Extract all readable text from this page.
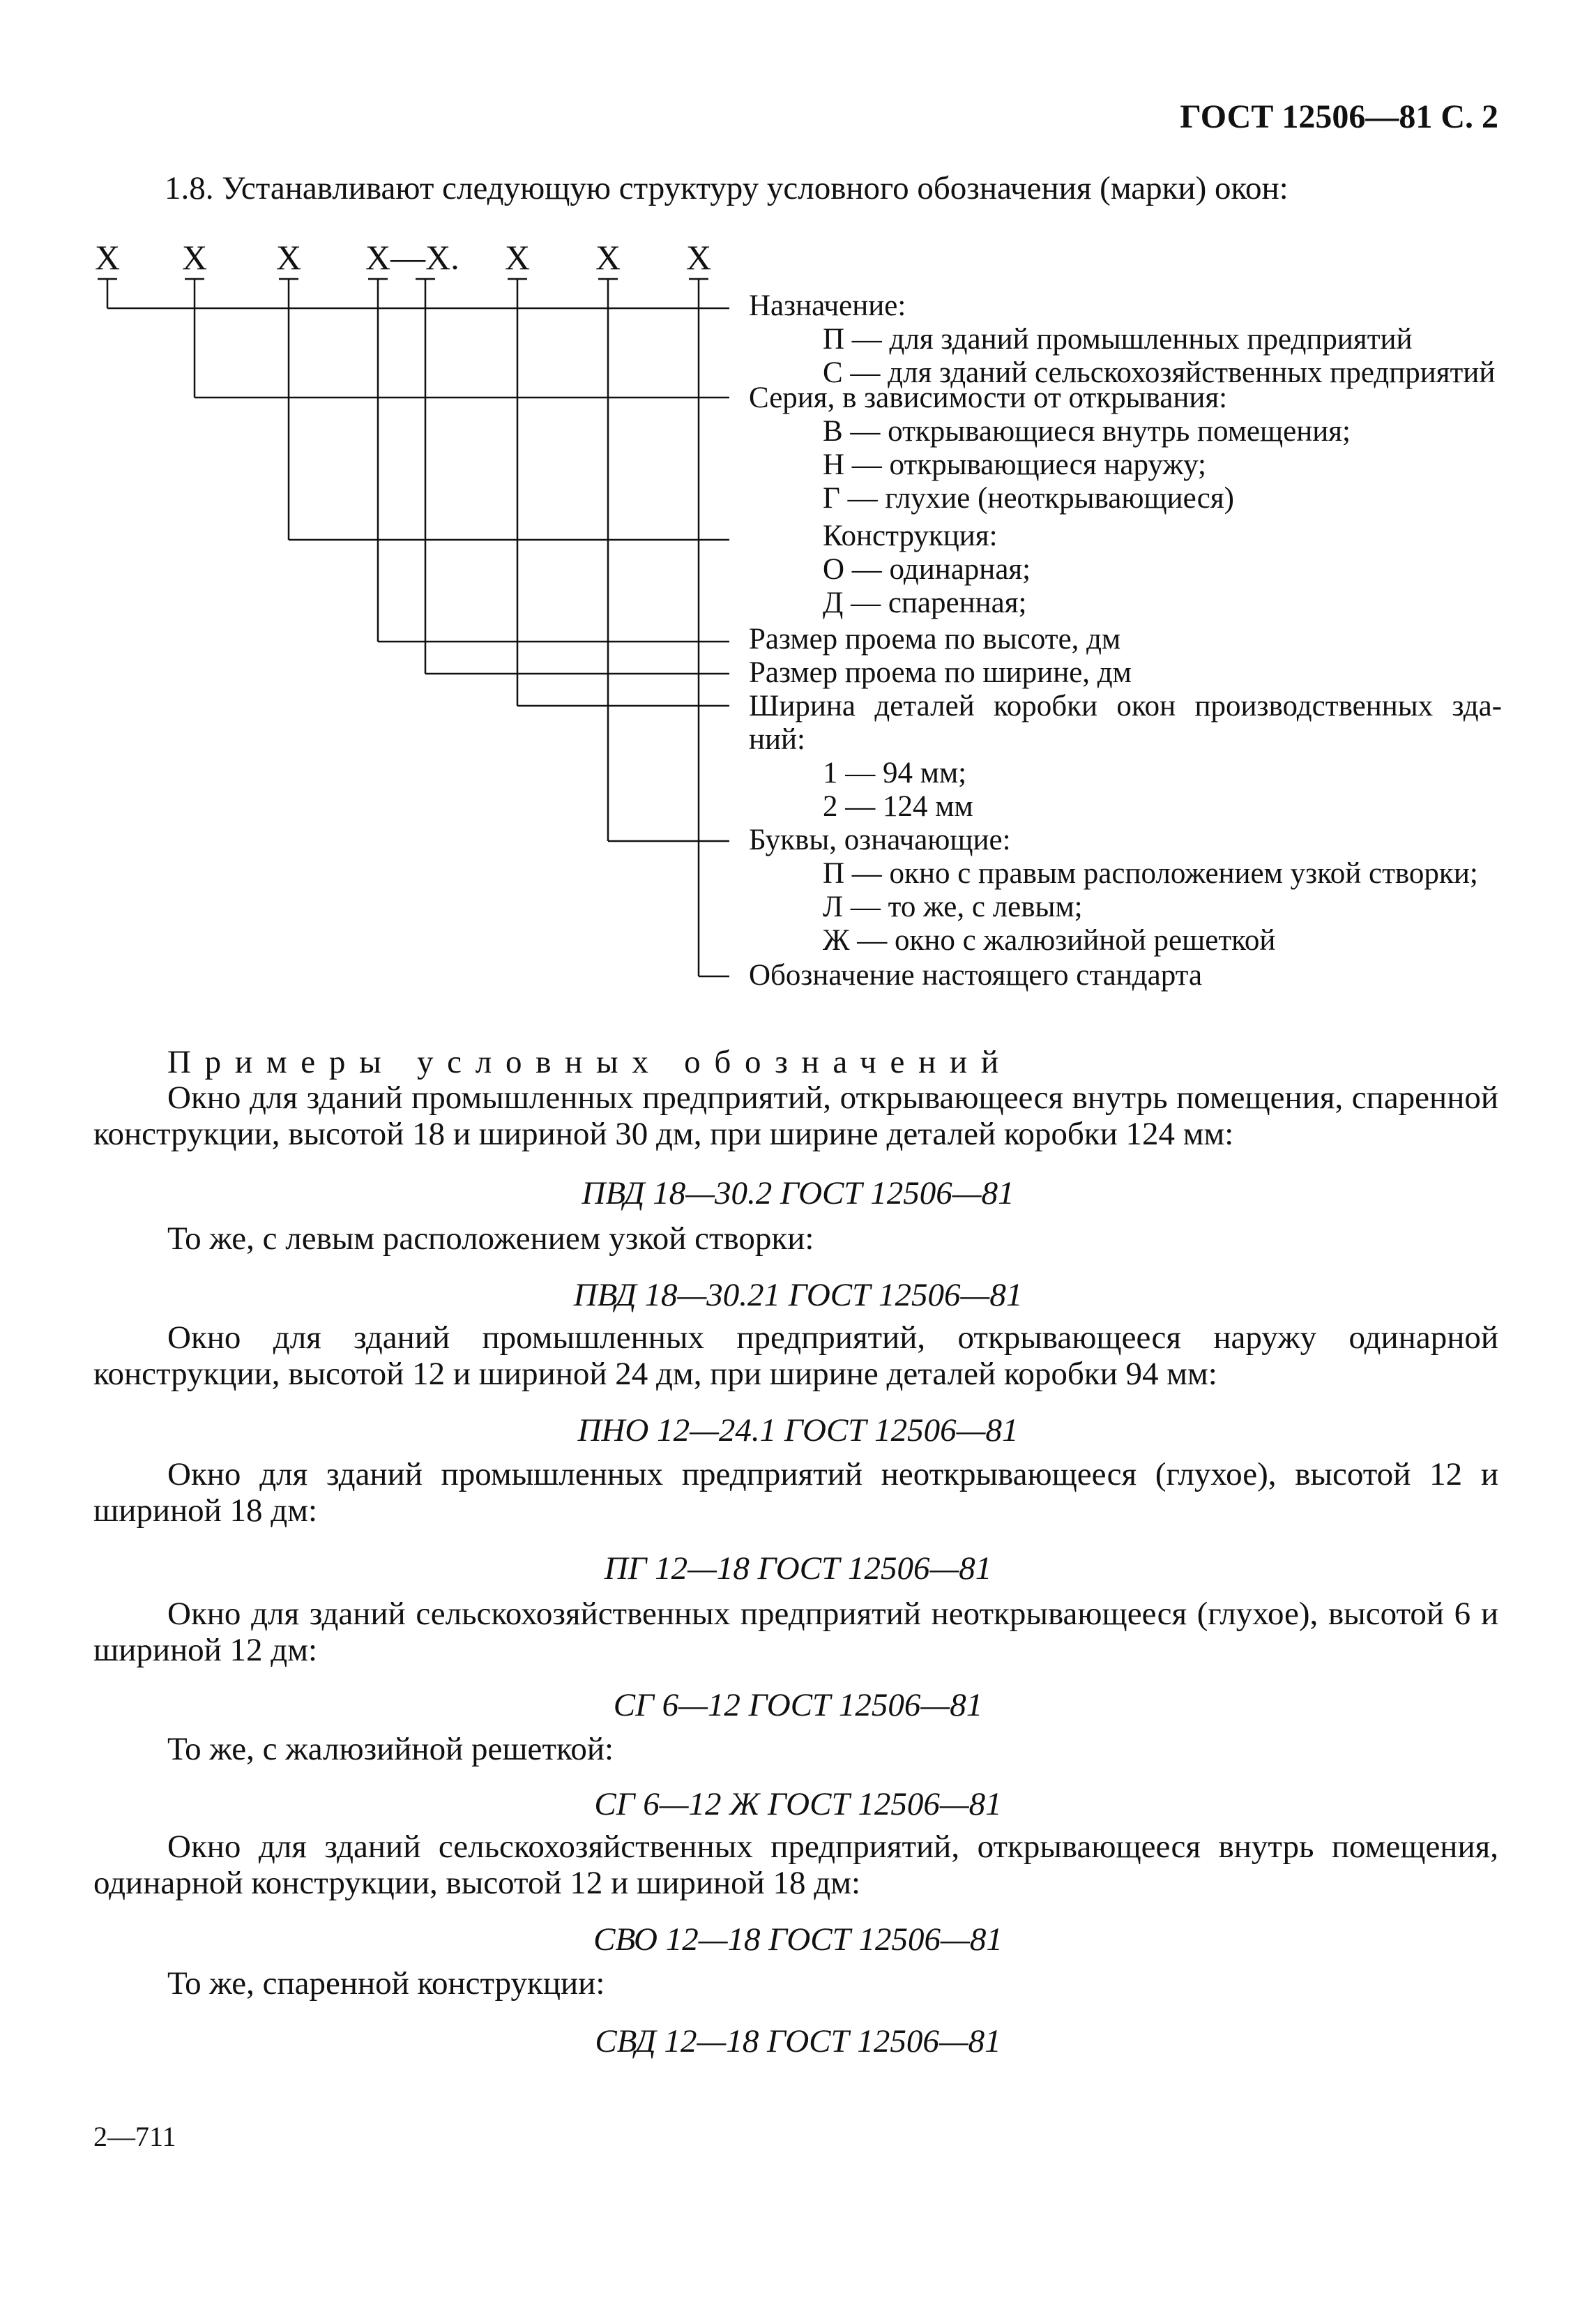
ГОСТ 12506—81 С. 2
1.8. Устанавливают следующую структуру условного обозначения (марки) окон:
Х Х Х Х—Х. Х Х Х
Назначение:
П — для зданий промышленных предприятий
С — для зданий сельскохозяйственных предприятий
Серия, в зависимости от открывания:
В — открывающиеся внутрь помещения;
Н — открывающиеся наружу;
Г — глухие (неоткрывающиеся)
Конструкция:
О — одинарная;
Д — спаренная;
Размер проема по высоте, дм
Размер проема по ширине, дм
Ширина деталей коробки окон производственных зда-
ний:
1 — 94 мм;
2 — 124 мм
Буквы, означающие:
П — окно с правым расположением узкой створки;
Л — то же, с левым;
Ж — окно с жалюзийной решеткой
Обозначение настоящего стандарта
Примеры условных обозначений
Окно для зданий промышленных предприятий, открывающееся внутрь помещения, спаренной конструкции, высотой 18 и шириной 30 дм, при ширине деталей коробки 124 мм:
ПВД 18—30.2 ГОСТ 12506—81
То же, с левым расположением узкой створки:
ПВД 18—30.21 ГОСТ 12506—81
Окно для зданий промышленных предприятий, открывающееся наружу одинарной конструкции, высотой 12 и шириной 24 дм, при ширине деталей коробки 94 мм:
ПНО 12—24.1 ГОСТ 12506—81
Окно для зданий промышленных предприятий неоткрывающееся (глухое), высотой 12 и шириной 18 дм:
ПГ 12—18 ГОСТ 12506—81
Окно для зданий сельскохозяйственных предприятий неоткрывающееся (глухое), высотой 6 и шириной 12 дм:
СГ 6—12 ГОСТ 12506—81
То же, с жалюзийной решеткой:
СГ 6—12 Ж ГОСТ 12506—81
Окно для зданий сельскохозяйственных предприятий, открывающееся внутрь помещения, одинарной конструкции, высотой 12 и шириной 18 дм:
СВО 12—18 ГОСТ 12506—81
То же, спаренной конструкции:
СВД 12—18 ГОСТ 12506—81
2—711
